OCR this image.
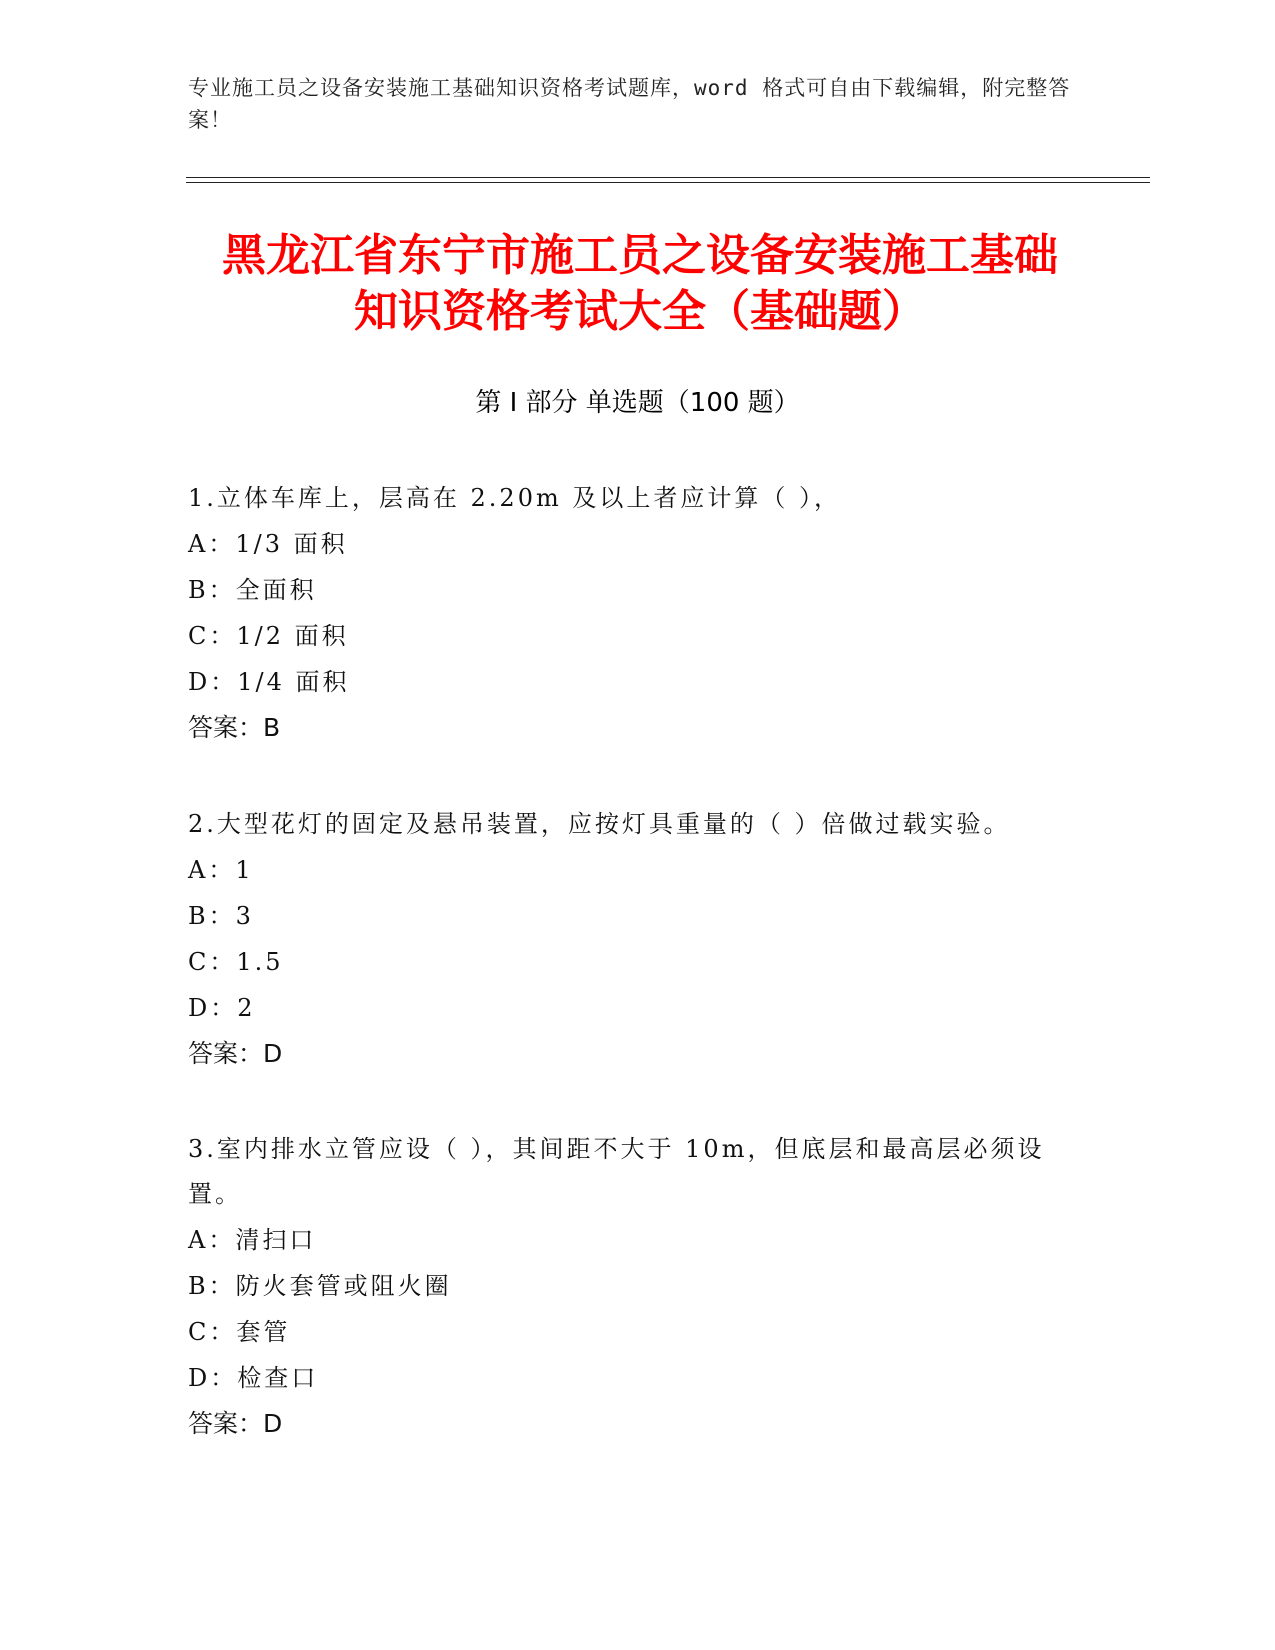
专业施工员之设备安装施工基础知识资格考试题库，word 格式可自由下载编辑，附完整答案！
黑龙江省东宁市施工员之设备安装施工基础
知识资格考试大全（基础题）
第 I 部分 单选题（100 题）
1.立体车库上，层高在 2.20m 及以上者应计算（ ），
A：1/3 面积
B：全面积
C：1/2 面积
D：1/4 面积
答案：B
2.大型花灯的固定及悬吊装置，应按灯具重量的（ ）倍做过载实验。
A：1
B：3
C：1.5
D：2
答案：D
3.室内排水立管应设（ ），其间距不大于 10m，但底层和最高层必须设置。
A：清扫口
B：防火套管或阻火圈
C：套管
D：检查口
答案：D
